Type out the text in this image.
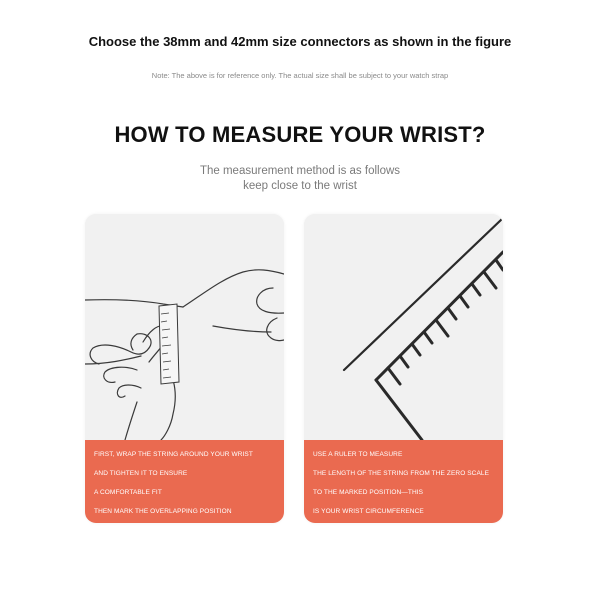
Choose the 38mm and 42mm size connectors as shown in the figure
Note: The above is for reference only. The actual size shall be subject to your watch strap
HOW TO MEASURE YOUR WRIST?
The measurement method is as follows
keep close to the wrist
FIRST, WRAP THE STRING AROUND YOUR WRIST
AND TIGHTEN IT TO ENSURE
A COMFORTABLE FIT
THEN MARK THE OVERLAPPING POSITION
USE A RULER TO MEASURE
THE LENGTH OF THE STRING FROM THE ZERO SCALE
TO THE MARKED POSITION—THIS
IS YOUR WRIST CIRCUMFERENCE
